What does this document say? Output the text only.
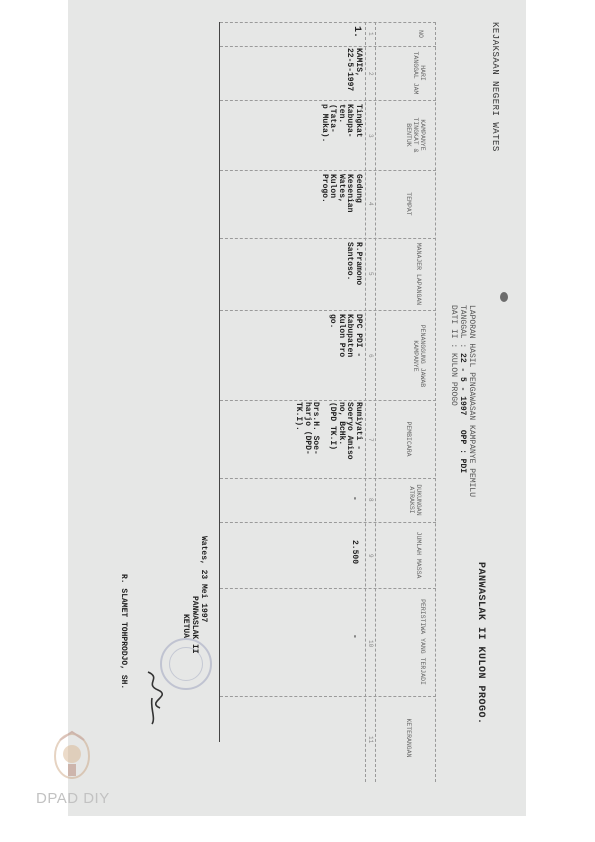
KEJAKSAAN NEGERI WATES
LAPORAN HASIL PENGAWASAN KAMPANYE PEMILU
TANGGAL : 22 - 5 - 1997   OPP : PDI
DATI II : KULON PROGO
PANWASLAK II KULON PROGO.
NO
HARI TANGGAL JAM
KAMPANYE TINGKAT & BENTUK
TEMPAT
MANAJER LAPANGAN
PENANGGUNG JAWAB KAMPANYE
PEMBICARA
DUKUNGAN ATRAKSI
JUMLAH MASSA
PERISTIWA YANG TERJADI
KETERANGAN
1
2
3
4
5
6
7
8
9
10
11
1.
KAMIS,
22-5-1997
Tingkat
Kabupa-
ten.
(Tata-
p Muka).
Gedung
Kesenian
Wates,
Kulon
Progo.
R.Pramono
Santoso.
DPC PDI -
Kabupaten
Kulon Pro
go.
Rumiyati -
Soeryo Amiso
no, BcHk.
(DPD TK.I)

Drs.H. Soe-
harjo (DPD-
TK.I).
-
2.500
-
Wates, 23 Mei 1997
PANWASLAK II
KETUA
R. SLAMET TOHPRODJO, SH.
DPAD DIY
